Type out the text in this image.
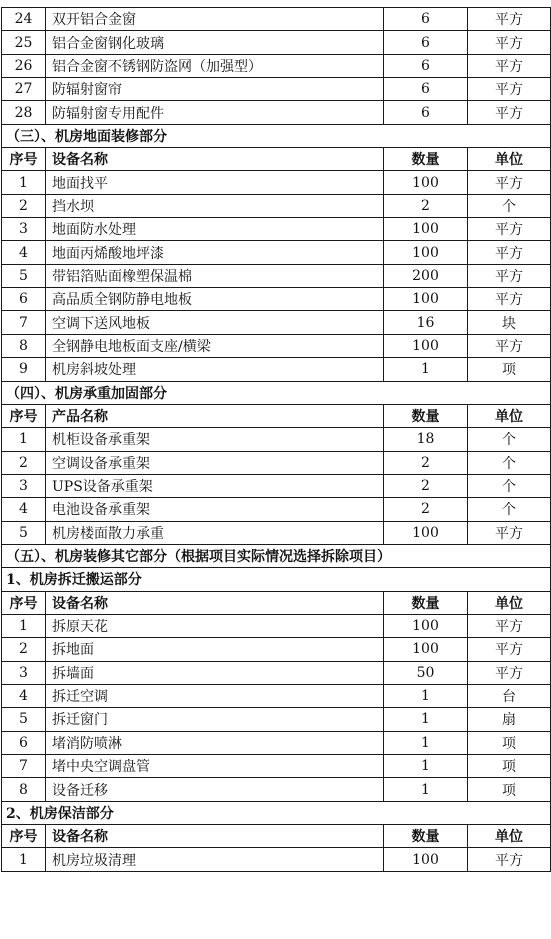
24	双开铝合金窗	6	平方
25	铝合金窗钢化玻璃	6	平方
26	铝合金窗不锈钢防盗网（加强型）	6	平方
27	防辐射窗帘	6	平方
28	防辐射窗专用配件	6	平方
（三）、机房地面装修部分			
序号	设备名称	数量	单位
1	地面找平	100	平方
2	挡水坝	2	个
3	地面防水处理	100	平方
4	地面丙烯酸地坪漆	100	平方
5	带铝箔贴面橡塑保温棉	200	平方
6	高品质全钢防静电地板	100	平方
7	空调下送风地板	16	块
8	全钢静电地板面支座/横梁	100	平方
9	机房斜坡处理	1	项
（四）、机房承重加固部分			
序号	产品名称	数量	单位
1	机柜设备承重架	18	个
2	空调设备承重架	2	个
3	UPS设备承重架	2	个
4	电池设备承重架	2	个
5	机房楼面散力承重	100	平方
（五）、机房装修其它部分（根据项目实际情况选择拆除项目）			
1、机房拆迁搬运部分			
序号	设备名称	数量	单位
1	拆原天花	100	平方
2	拆地面	100	平方
3	拆墙面	50	平方
4	拆迁空调	1	台
5	拆迁窗门	1	扇
6	堵消防喷淋	1	项
7	堵中央空调盘管	1	项
8	设备迁移	1	项
2、机房保洁部分			
序号	设备名称	数量	单位
1	机房垃圾清理	100	平方
